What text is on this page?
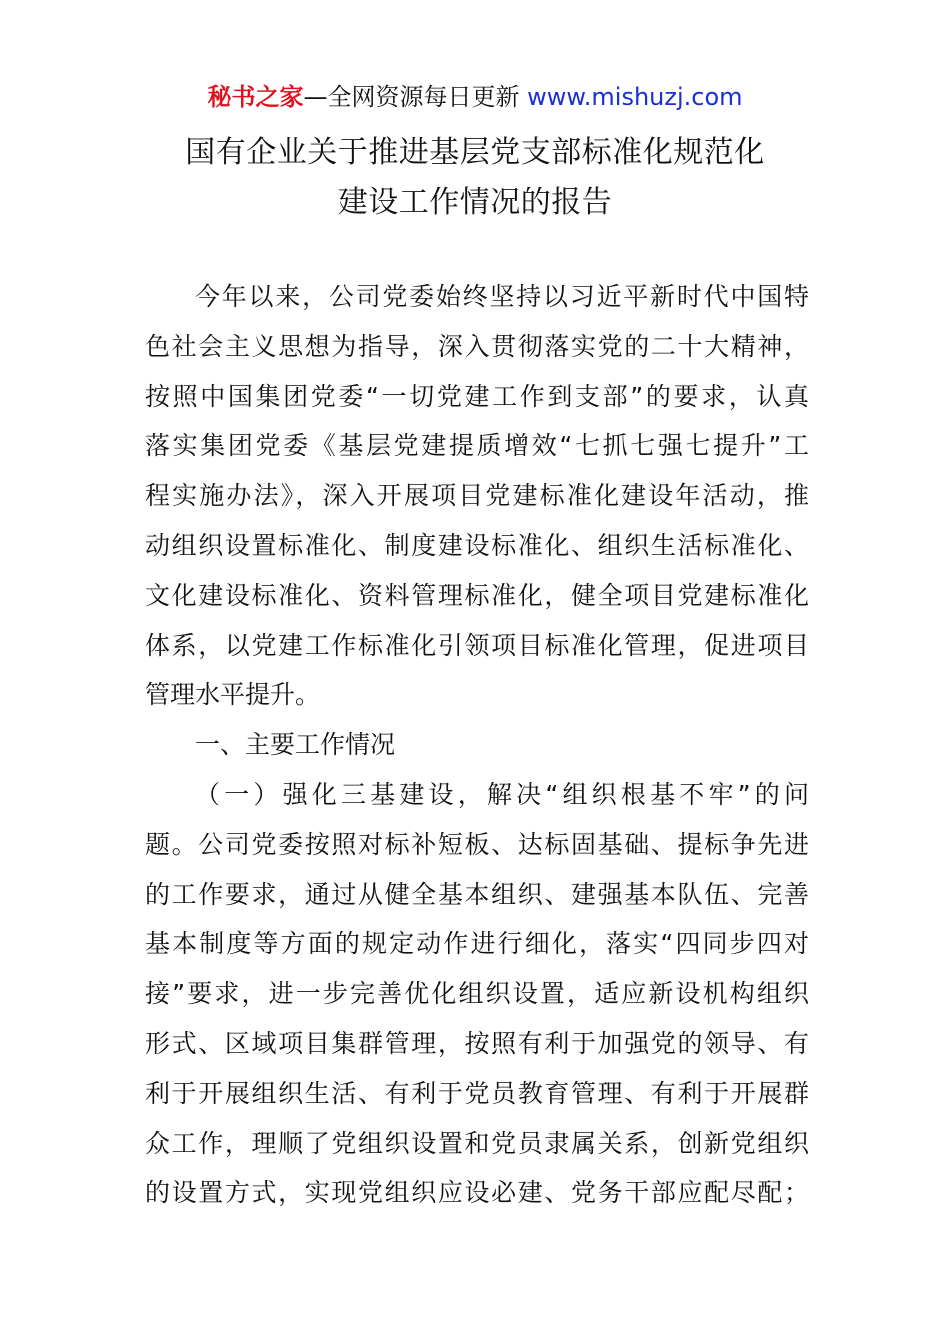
秘书之家—全网资源每日更新 www.mishuzj.com
国有企业关于推进基层党支部标准化规范化
建设工作情况的报告
今年以来，公司党委始终坚持以习近平新时代中国特
色社会主义思想为指导，深入贯彻落实党的二十大精神，
按照中国集团党委“一切党建工作到支部”的要求，认真
落实集团党委《基层党建提质增效“七抓七强七提升”工
程实施办法》，深入开展项目党建标准化建设年活动，推
动组织设置标准化、制度建设标准化、组织生活标准化、
文化建设标准化、资料管理标准化，健全项目党建标准化
体系，以党建工作标准化引领项目标准化管理，促进项目
管理水平提升。
一、主要工作情况
（一）强化三基建设，解决“组织根基不牢”的问
题。公司党委按照对标补短板、达标固基础、提标争先进
的工作要求，通过从健全基本组织、建强基本队伍、完善
基本制度等方面的规定动作进行细化，落实“四同步四对
接”要求，进一步完善优化组织设置，适应新设机构组织
形式、区域项目集群管理，按照有利于加强党的领导、有
利于开展组织生活、有利于党员教育管理、有利于开展群
众工作，理顺了党组织设置和党员隶属关系，创新党组织
的设置方式，实现党组织应设必建、党务干部应配尽配；
